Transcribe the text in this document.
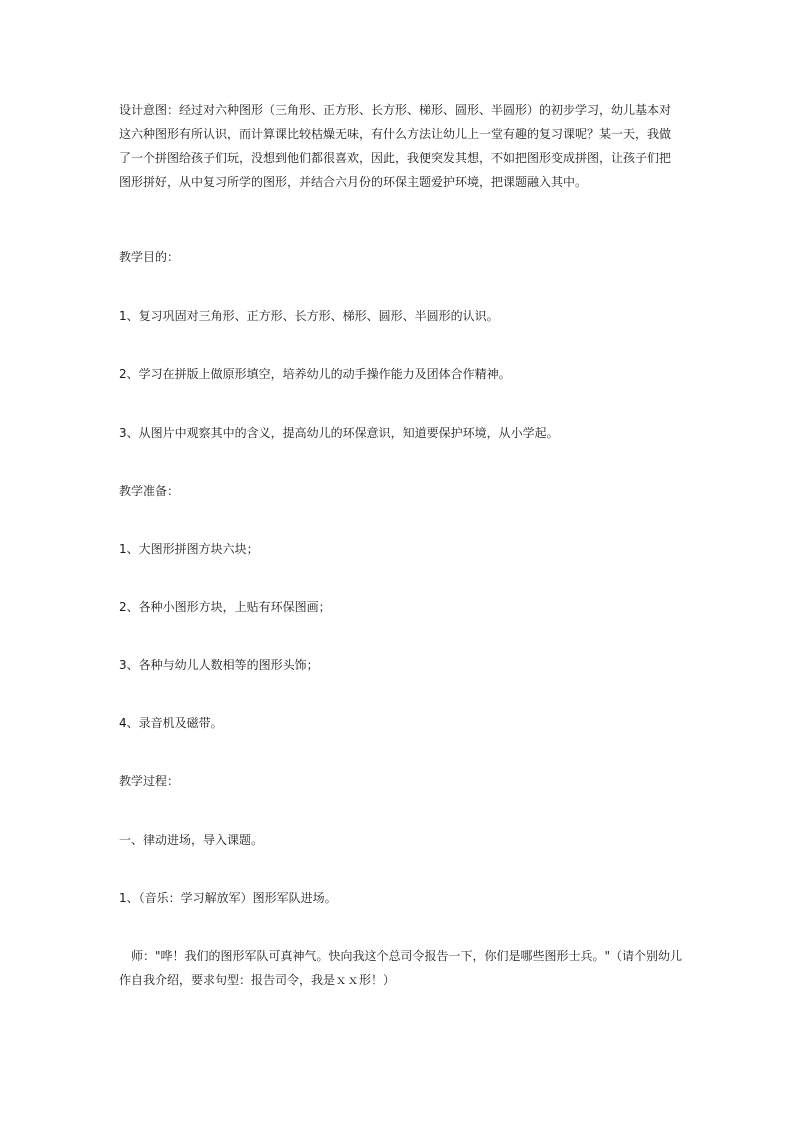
设计意图：经过对六种图形（三角形、正方形、长方形、梯形、圆形、半圆形）的初步学习，幼儿基本对
这六种图形有所认识，而计算课比较枯燥无味，有什么方法让幼儿上一堂有趣的复习课呢？某一天，我做
了一个拼图给孩子们玩，没想到他们都很喜欢，因此，我便突发其想，不如把图形变成拼图，让孩子们把
图形拼好，从中复习所学的图形，并结合六月份的环保主题爱护环境，把课题融入其中。
教学目的：
1、复习巩固对三角形、正方形、长方形、梯形、圆形、半圆形的认识。
2、学习在拼版上做原形填空，培养幼儿的动手操作能力及团体合作精神。
3、从图片中观察其中的含义，提高幼儿的环保意识，知道要保护环境，从小学起。
教学准备：
1、大图形拼图方块六块；
2、各种小图形方块，上贴有环保图画；
3、各种与幼儿人数相等的图形头饰；
4、录音机及磁带。
教学过程：
一、律动进场，导入课题。
1、（音乐：学习解放军）图形军队进场。
　师："哗！我们的图形军队可真神气。快向我这个总司令报告一下，你们是哪些图形士兵。"（请个别幼儿
作自我介绍，要求句型：报告司令，我是ｘｘ形！）
